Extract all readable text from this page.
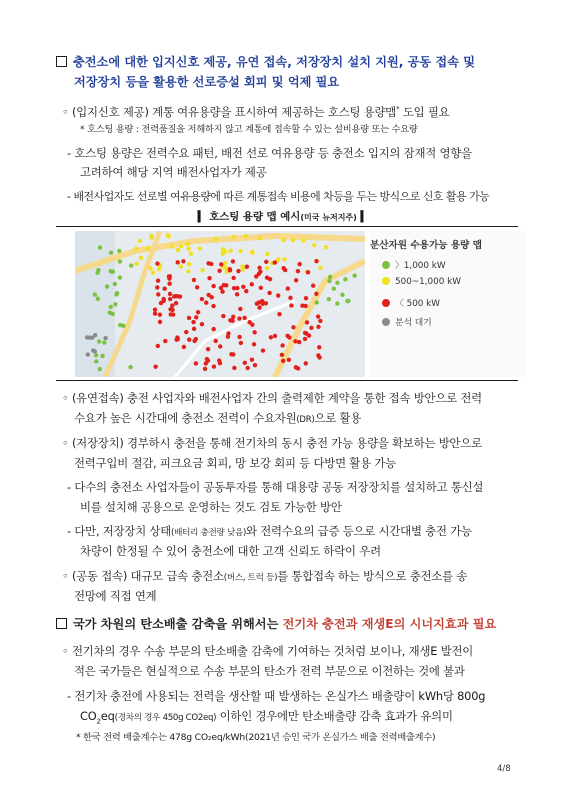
충전소에 대한 입지신호 제공, 유연 접속, 저장장치 설치 지원, 공동 접속 및
저장장치 등을 활용한 선로증설 회피 및 억제 필요
◦ (입지신호 제공) 계통 여유용량을 표시하여 제공하는 호스팅 용량맵* 도입 필요
* 호스팅 용량 : 전력품질을 저해하지 않고 계통에 접속할 수 있는 설비용량 또는 수요량
- 호스팅 용량은 전력수요 패턴, 배전 선로 여유용량 등 충전소 입지의 잠재적 영향을
고려하여 해당 지역 배전사업자가 제공
- 배전사업자도 선로별 여유용량에 따른 계통접속 비용에 차등을 두는 방식으로 신호 활용 가능
▍ 호스팅 용량 맵 예시(미국 뉴저지주) ▍
분산자원 수용가능 용량 맵
〉1,000 kW
500~1,000 kW
〈 500 kW
분석 대기
◦ (유연접속) 충전 사업자와 배전사업자 간의 출력제한 계약을 통한 접속 방안으로 전력
수요가 높은 시간대에 충전소 전력이 수요자원(DR)으로 활용
◦ (저장장치) 경부하시 충전을 통해 전기차의 동시 충전 가능 용량을 확보하는 방안으로
전력구입비 절감, 피크요금 회피, 망 보강 회피 등 다방면 활용 가능
- 다수의 충전소 사업자들이 공동투자를 통해 대용량 공동 저장장치를 설치하고 통신설
비를 설치해 공용으로 운영하는 것도 검토 가능한 방안
- 다만, 저장장치 상태(배터리 충전량 낮음)와 전력수요의 급증 등으로 시간대별 충전 가능
차량이 한정될 수 있어 충전소에 대한 고객 신뢰도 하락이 우려
◦ (공동 접속) 대규모 급속 충전소(버스, 트럭 등)를 통합접속 하는 방식으로 충전소를 송
전망에 직접 연계
국가 차원의 탄소배출 감축을 위해서는 전기차 충전과 재생E의 시너지효과 필요
◦ 전기차의 경우 수송 부문의 탄소배출 감축에 기여하는 것처럼 보이나, 재생E 발전이
적은 국가들은 현실적으로 수송 부문의 탄소가 전력 부문으로 이전하는 것에 불과
- 전기차 충전에 사용되는 전력을 생산할 때 발생하는 온실가스 배출량이 kWh당 800g
$CO_2eq$(경차의 경우 450g CO2eq) 이하인 경우에만 탄소배출량 감축 효과가 유의미
* 한국 전력 배출계수는 478g CO₂eq/kWh(2021년 승인 국가 온실가스 배출 전력배출계수)
4/8
